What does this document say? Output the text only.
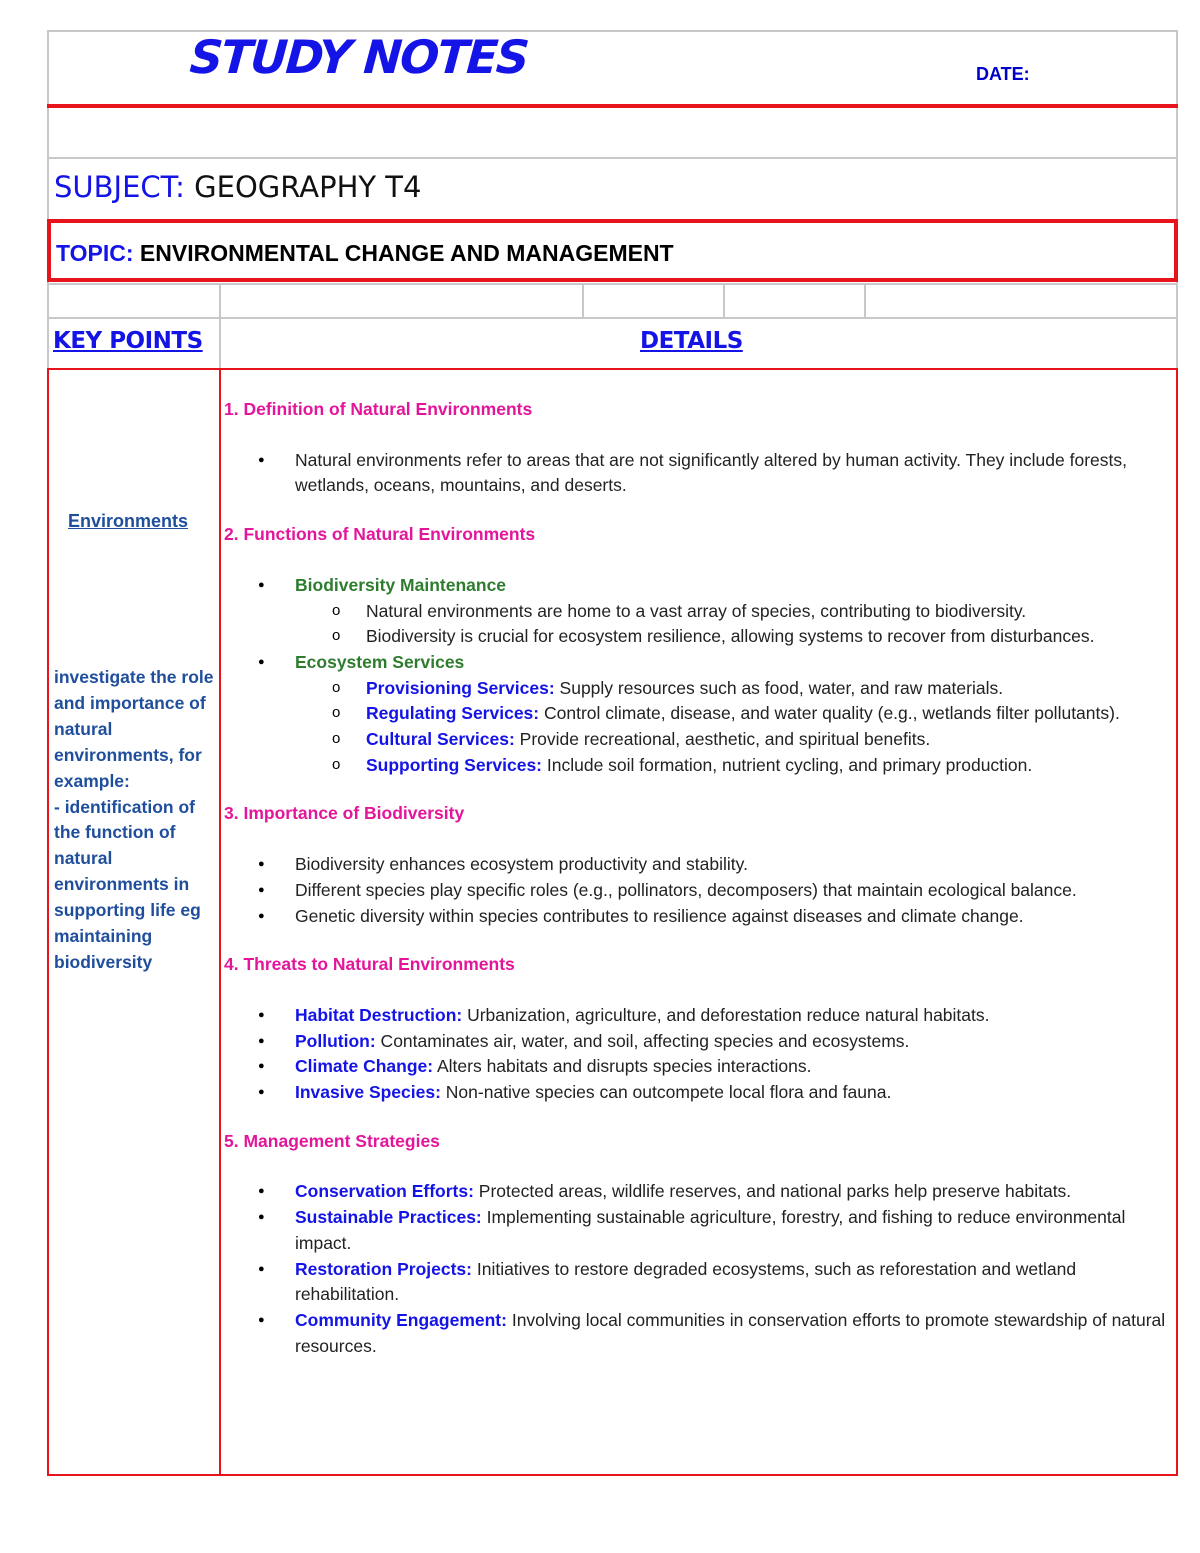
STUDY NOTES	DATE:
SUBJECT: GEOGRAPHY T4
TOPIC: ENVIRONMENTAL CHANGE AND MANAGEMENT
KEY POINTS	DETAILS
Environments
investigate the role and importance of natural environments, for example:
- identification of the function of natural environments in supporting life eg maintaining biodiversity
1. Definition of Natural Environments
● Natural environments refer to areas that are not significantly altered by human activity. They include forests, wetlands, oceans, mountains, and deserts.
2. Functions of Natural Environments
● Biodiversity Maintenance
o Natural environments are home to a vast array of species, contributing to biodiversity.
o Biodiversity is crucial for ecosystem resilience, allowing systems to recover from disturbances.
● Ecosystem Services
o Provisioning Services: Supply resources such as food, water, and raw materials.
o Regulating Services: Control climate, disease, and water quality (e.g., wetlands filter pollutants).
o Cultural Services: Provide recreational, aesthetic, and spiritual benefits.
o Supporting Services: Include soil formation, nutrient cycling, and primary production.
3. Importance of Biodiversity
● Biodiversity enhances ecosystem productivity and stability.
● Different species play specific roles (e.g., pollinators, decomposers) that maintain ecological balance.
● Genetic diversity within species contributes to resilience against diseases and climate change.
4. Threats to Natural Environments
● Habitat Destruction: Urbanization, agriculture, and deforestation reduce natural habitats.
● Pollution: Contaminates air, water, and soil, affecting species and ecosystems.
● Climate Change: Alters habitats and disrupts species interactions.
● Invasive Species: Non-native species can outcompete local flora and fauna.
5. Management Strategies
● Conservation Efforts: Protected areas, wildlife reserves, and national parks help preserve habitats.
● Sustainable Practices: Implementing sustainable agriculture, forestry, and fishing to reduce environmental impact.
● Restoration Projects: Initiatives to restore degraded ecosystems, such as reforestation and wetland rehabilitation.
● Community Engagement: Involving local communities in conservation efforts to promote stewardship of natural resources.
